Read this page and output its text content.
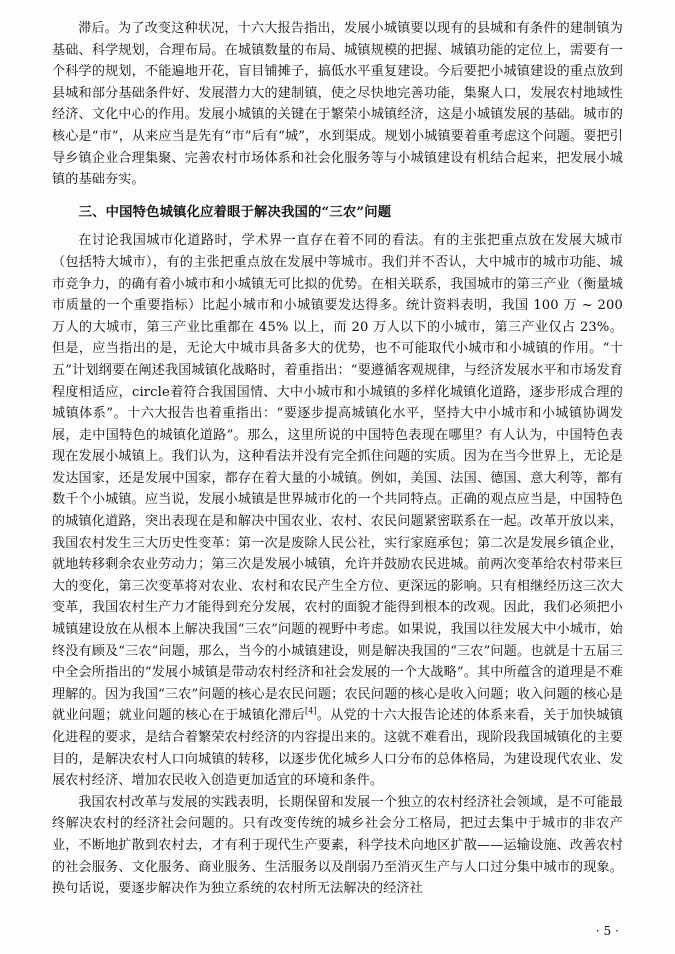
滞后。为了改变这种状况，十六大报告指出，发展小城镇要以现有的县城和有条件的建制镇为基础、科学规划，合理布局。在城镇数量的布局、城镇规模的把握、城镇功能的定位上，需要有一个科学的规划，不能遍地开花，盲目铺摊子，搞低水平重复建设。今后要把小城镇建设的重点放到县城和部分基础条件好、发展潜力大的建制镇，使之尽快地完善功能，集聚人口，发展农村地域性经济、文化中心的作用。发展小城镇的关键在于繁荣小城镇经济，这是小城镇发展的基础。城市的核心是“市”，从来应当是先有“市”后有“城”，水到渠成。规划小城镇要着重考虑这个问题。要把引导乡镇企业合理集聚、完善农村市场体系和社会化服务等与小城镇建设有机结合起来，把发展小城镇的基础夯实。

三、中国特色城镇化应着眼于解决我国的“三农”问题

在讨论我国城市化道路时，学术界一直存在着不同的看法。有的主张把重点放在发展大城市（包括特大城市），有的主张把重点放在发展中等城市。我们并不否认，大中城市的城市功能、城市竞争力，的确有着小城市和小城镇无可比拟的优势。在相关联系，我国城市的第三产业（衡量城市质量的一个重要指标）比起小城市和小城镇要发达得多。统计资料表明，我国 100 万 ~ 200 万人的大城市，第三产业比重都在 45% 以上，而 20 万人以下的小城市，第三产业仅占 23%。但是，应当指出的是，无论大中城市具备多大的优势，也不可能取代小城市和小城镇的作用。“十五”计划纲要在阐述我国城镇化战略时，着重指出：“要遵循客观规律，与经济发展水平和市场发育程度相适应，circle着符合我国国情、大中小城市和小城镇的多样化城镇化道路，逐步形成合理的城镇体系”。十六大报告也着重指出：“要逐步提高城镇化水平，坚持大中小城市和小城镇协调发展，走中国特色的城镇化道路”。那么，这里所说的中国特色表现在哪里？有人认为，中国特色表现在发展小城镇上。我们认为，这种看法并没有完全抓住问题的实质。因为在当今世界上，无论是发达国家，还是发展中国家，都存在着大量的小城镇。例如，美国、法国、德国、意大利等，都有数千个小城镇。应当说，发展小城镇是世界城市化的一个共同特点。正确的观点应当是，中国特色的城镇化道路，突出表现在是和解决中国农业、农村、农民问题紧密联系在一起。改革开放以来，我国农村发生三大历史性变革：第一次是废除人民公社，实行家庭承包；第二次是发展乡镇企业，就地转移剩余农业劳动力；第三次是发展小城镇，允许并鼓励农民进城。前两次变革给农村带来巨大的变化，第三次变革将对农业、农村和农民产生全方位、更深远的影响。只有相继经历这三次大变革，我国农村生产力才能得到充分发展，农村的面貌才能得到根本的改观。因此，我们必须把小城镇建设放在从根本上解决我国“三农”问题的视野中考虑。如果说，我国以往发展大中小城市，始终没有顾及“三农”问题，那么，当今的小城镇建设，则是解决我国的“三农”问题。也就是十五届三中全会所指出的“发展小城镇是带动农村经济和社会发展的一个大战略”。其中所蕴含的道理是不难理解的。因为我国“三农”问题的核心是农民问题；农民问题的核心是收入问题；收入问题的核心是就业问题；就业问题的核心在于城镇化滞后[4]。从党的十六大报告论述的体系来看，关于加快城镇化进程的要求，是结合着繁荣农村经济的内容提出来的。这就不难看出，现阶段我国城镇化的主要目的，是解决农村人口向城镇的转移，以逐步优化城乡人口分布的总体格局，为建设现代农业、发展农村经济、增加农民收入创造更加适宜的环境和条件。

我国农村改革与发展的实践表明，长期保留和发展一个独立的农村经济社会领域，是不可能最终解决农村的经济社会问题的。只有改变传统的城乡社会分工格局，把过去集中于城市的非农产业，不断地扩散到农村去，才有利于现代生产要素，科学技术向地区扩散——运输设施、改善农村的社会服务、文化服务、商业服务、生活服务以及削弱乃至消灭生产与人口过分集中城市的现象。换句话说，要逐步解决作为独立系统的农村所无法解决的经济社

· 5 ·
